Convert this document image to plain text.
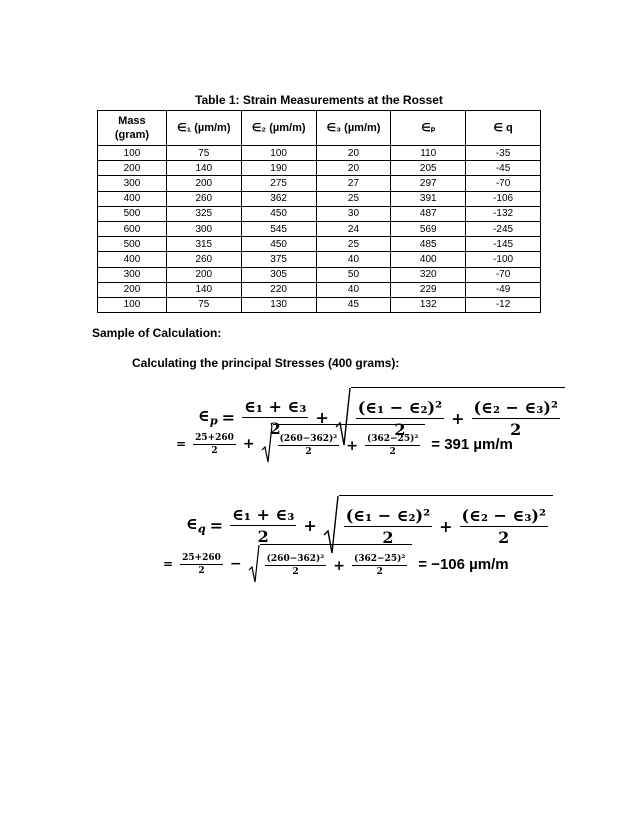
Table 1: Strain Measurements at the Rosset
Mass
(gram)	∈₁ (µm/m)	∈₂ (µm/m)	∈₃ (µm/m)	∈ₚ	∈ q
100	75	100	20	110	-35
200	140	190	20	205	-45
300	200	275	27	297	-70
400	260	362	25	391	-106
500	325	450	30	487	-132
600	300	545	24	569	-245
500	315	450	25	485	-145
400	260	375	40	400	-100
300	200	305	50	320	-70
200	140	220	40	229	-49
100	75	130	45	132	-12
Sample of Calculation:
Calculating the principal Stresses (400 grams):
$\in_p = \frac{\text{∈₁ + ∈₃}}{2} + \frac{\text{(∈₁ − ∈₂)²}}{2} + \frac{\text{(∈₂ − ∈₃)²}}{2}$
= $\frac{25+260}{2}$ +	$\frac{\text{(260−362)²}}{2} + \frac{\text{(362−25)²}}{2} = 391$ µm/m
$\in_q = \frac{\text{∈₁ + ∈₃}}{2} + \frac{\text{(∈₁ − ∈₂)²}}{2} + \frac{\text{(∈₂ − ∈₃)²}}{2}$
= $\frac{25+260}{2}$ −	$\frac{\text{(260−362)²}}{2} + \frac{\text{(362−25)²}}{2} = -106$ µm/m
